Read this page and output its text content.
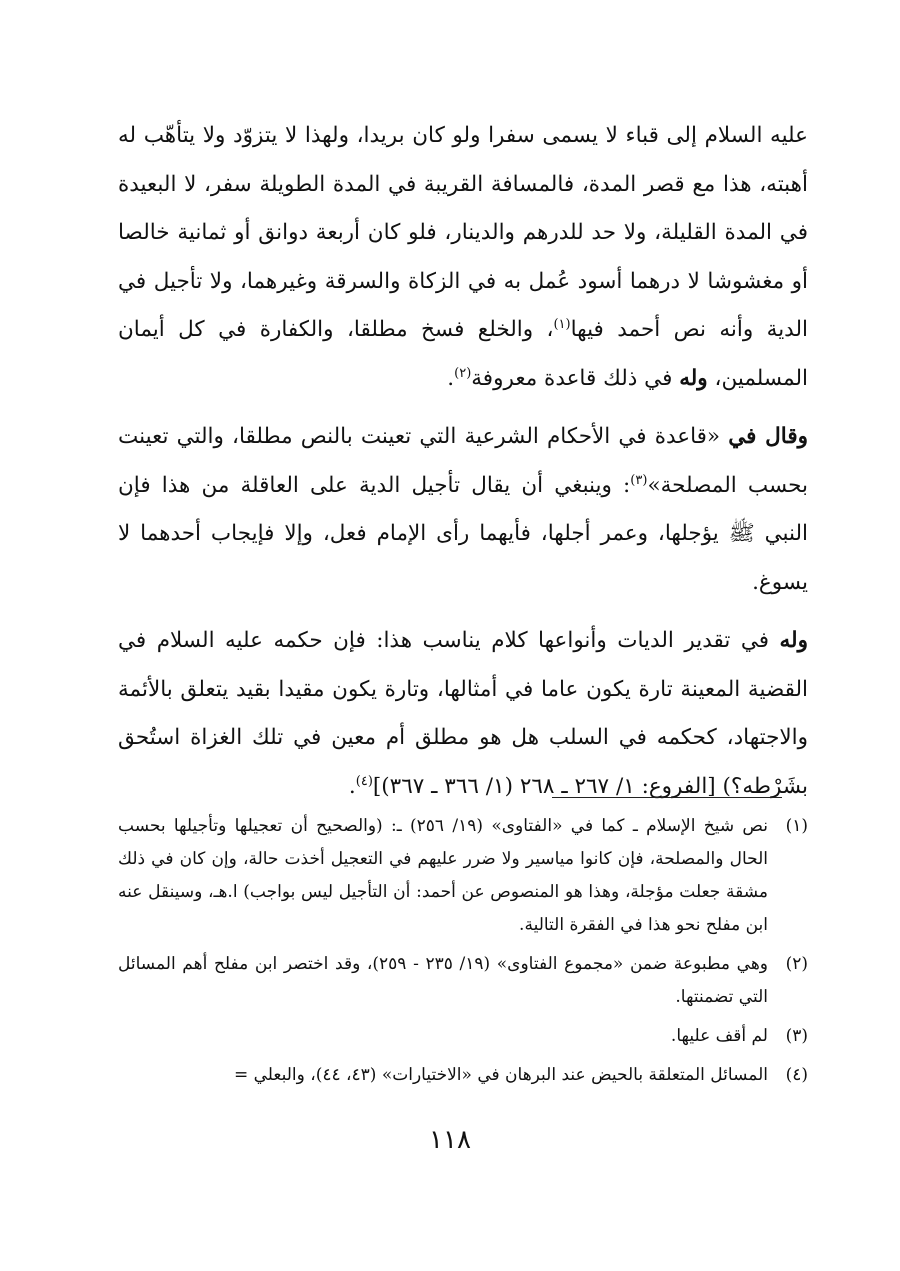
عليه السلام إلى قباء لا يسمى سفرا ولو كان بريدا، ولهذا لا يتزوّد ولا يتأهّب له أهبته، هذا مع قصر المدة، فالمسافة القريبة في المدة الطويلة سفر، لا البعيدة في المدة القليلة، ولا حد للدرهم والدينار، فلو كان أربعة دوانق أو ثمانية خالصا أو مغشوشا لا درهما أسود عُمل به في الزكاة والسرقة وغيرهما، ولا تأجيل في الدية وأنه نص أحمد فيها$^{(١)}$، والخلع فسخ مطلقا، والكفارة في كل أيمان المسلمين، وله في ذلك قاعدة معروفة$^{(٢)}$.

وقال في «قاعدة في الأحكام الشرعية التي تعينت بالنص مطلقا، والتي تعينت بحسب المصلحة»$^{(٣)}$: وينبغي أن يقال تأجيل الدية على العاقلة من هذا فإن النبي ﷺ يؤجلها، وعمر أجلها، فأيهما رأى الإمام فعل، وإلا فإيجاب أحدهما لا يسوغ.

وله في تقدير الديات وأنواعها كلام يناسب هذا: فإن حكمه عليه السلام في القضية المعينة تارة يكون عاما في أمثالها، وتارة يكون مقيدا بقيد يتعلق بالأئمة والاجتهاد، كحكمه في السلب هل هو مطلق أم معين في تلك الغزاة استُحق بشَرْطه؟) [الفروع: ١/ ٢٦٧ ـ ٢٦٨ (١/ ٣٦٦ ـ ٣٦٧)]$^{(٤)}$.

(١)

نص شيخ الإسلام ـ كما في «الفتاوى» (١٩/ ٢٥٦) ـ: (والصحيح أن تعجيلها وتأجيلها بحسب الحال والمصلحة، فإن كانوا مياسير ولا ضرر عليهم في التعجيل أخذت حالة، وإن كان في ذلك مشقة جعلت مؤجلة، وهذا هو المنصوص عن أحمد: أن التأجيل ليس بواجب) ا.هـ، وسينقل عنه ابن مفلح نحو هذا في الفقرة التالية.

(٢)

وهي مطبوعة ضمن «مجموع الفتاوى» (١٩/ ٢٣٥ - ٢٥٩)، وقد اختصر ابن مفلح أهم المسائل التي تضمنتها.

(٣)

لم أقف عليها.

(٤)

المسائل المتعلقة بالحيض عند البرهان في «الاختيارات» (٤٣، ٤٤)، والبعلي =

١١٨
